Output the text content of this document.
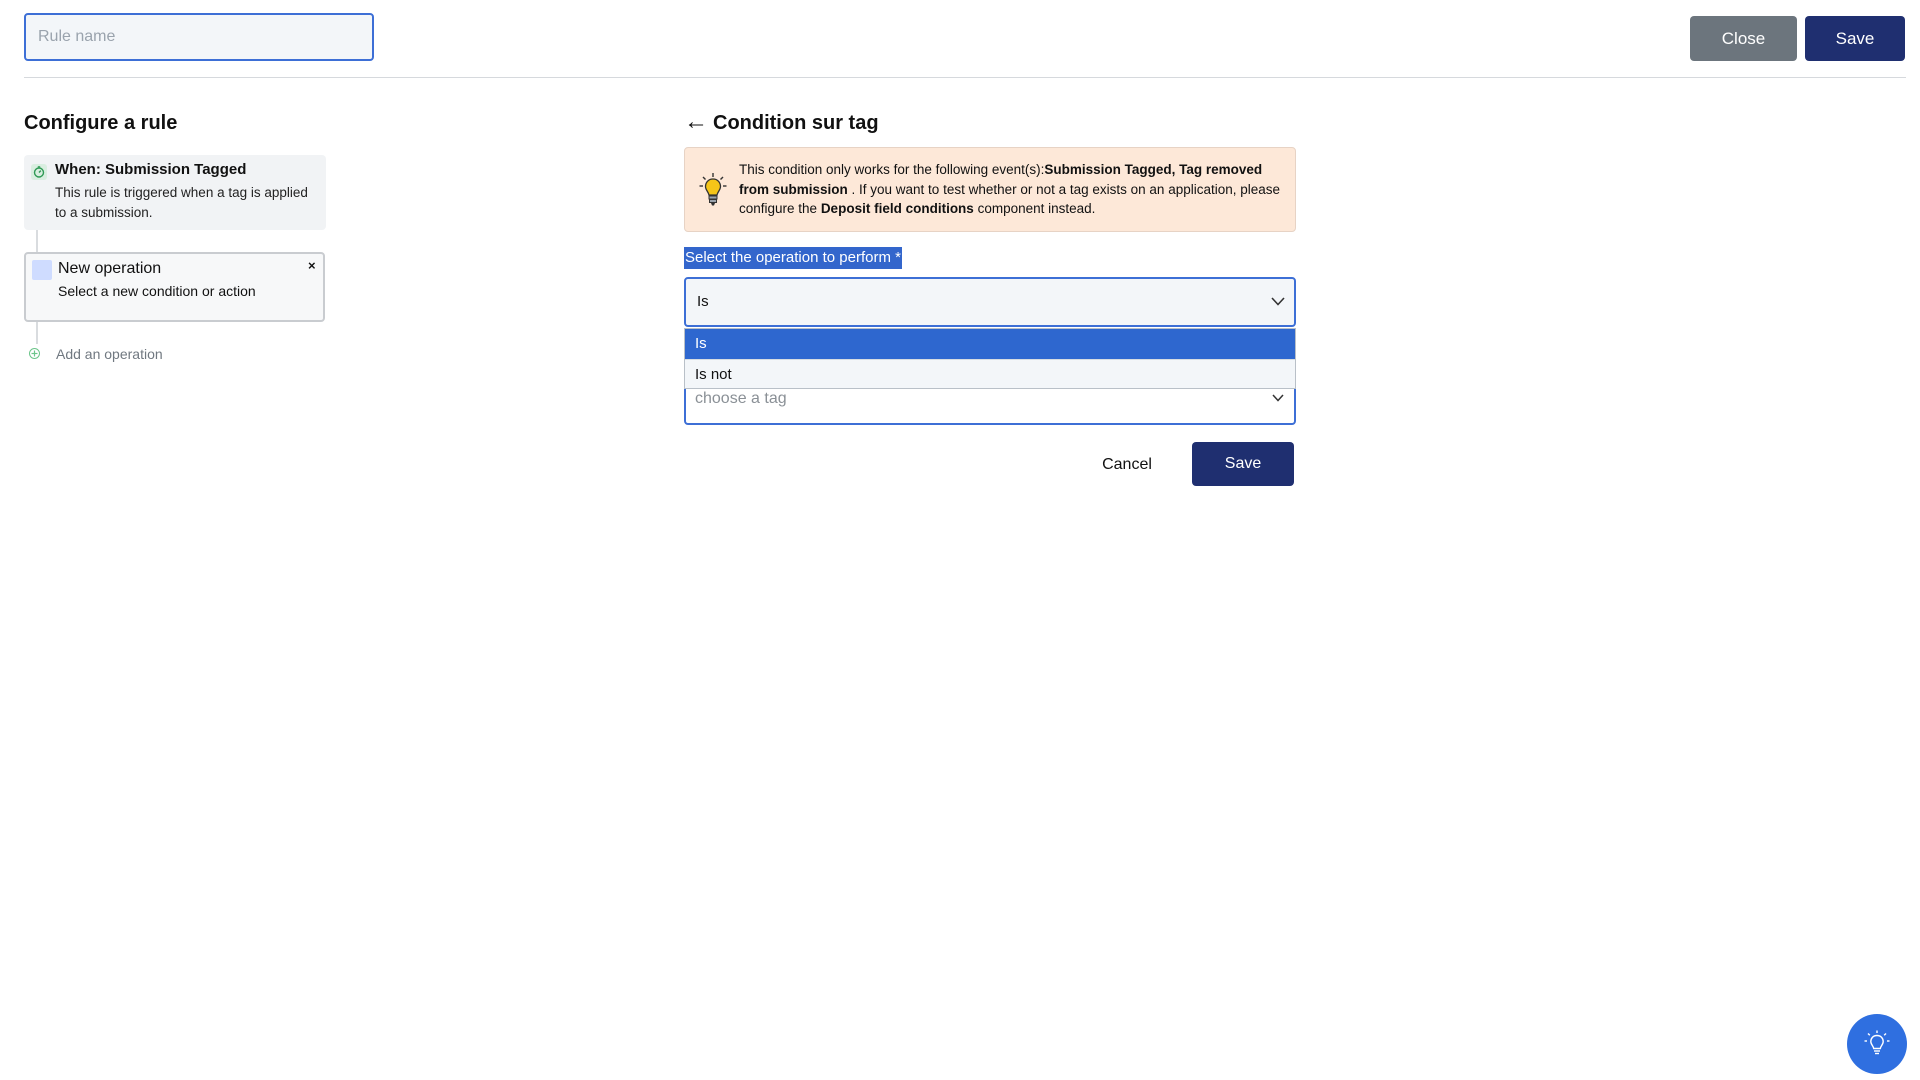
Rule name
Close	Save
Configure a rule
When: Submission Tagged
This rule is triggered when a tag is applied to a submission.
New operation
Select a new condition or action
×
Add an operation
← Condition sur tag
This condition only works for the following event(s):Submission Tagged, Tag removed from submission . If you want to test whether or not a tag exists on an application, please configure the Deposit field conditions component instead.
Select the operation to perform *
Is
choose a tag
Is
Is not
Cancel	Save
